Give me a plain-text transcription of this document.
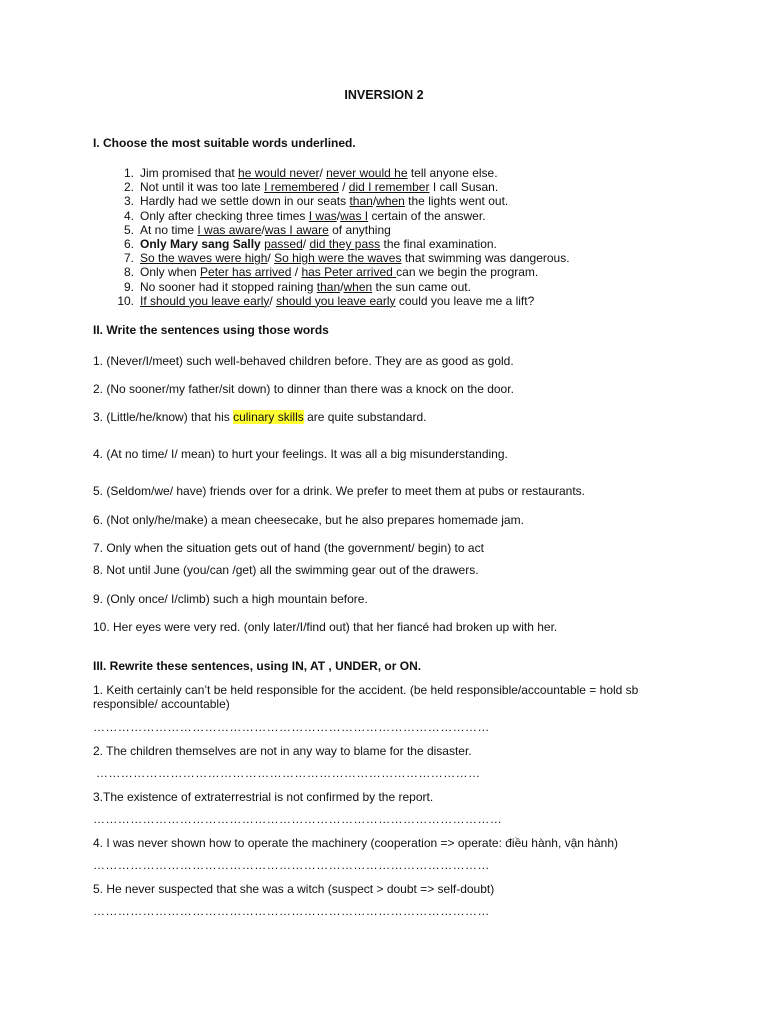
INVERSION 2

I. Choose the most suitable words underlined.

1. Jim promised that he would never/ never would he tell anyone else.
2. Not until it was too late I remembered / did I remember I call Susan.
3. Hardly had we settle down in our seats than/when the lights went out.
4. Only after checking three times I was/was I certain of the answer.
5. At no time I was aware/was I aware of anything
6. Only Mary sang Sally passed/ did they pass the final examination.
7. So the waves were high/ So high were the waves that swimming was dangerous.
8. Only when Peter has arrived / has Peter arrived can we begin the program.
9. No sooner had it stopped raining than/when the sun came out.
10. If should you leave early/ should you leave early could you leave me a lift?

II. Write the sentences using those words

1. (Never/I/meet) such well-behaved children before. They are as good as gold.

2. (No sooner/my father/sit down) to dinner than there was a knock on the door.

3. (Little/he/know) that his culinary skills are quite substandard.

4. (At no time/ I/ mean) to hurt your feelings. It was all a big misunderstanding.

5. (Seldom/we/ have) friends over for a drink. We prefer to meet them at pubs or restaurants.

6. (Not only/he/make) a mean cheesecake, but he also prepares homemade jam.

7. Only when the situation gets out of hand (the government/ begin) to act

8. Not until June (you/can /get) all the swimming gear out of the drawers.

9. (Only once/ I/climb) such a high mountain before.

10. Her eyes were very red. (only later/I/find out) that her fiancé had broken up with her.

III. Rewrite these sentences, using IN, AT , UNDER, or ON.

1. Keith certainly can’t be held responsible for the accident. (be held responsible/accountable = hold sb responsible/ accountable)

……………………………………………………………………………………

2. The children themselves are not in any way to blame for the disaster.

…………………………………………………………………………………

3.The existence of extraterrestrial is not confirmed by the report.

………………………………………………………………………………………

4. I was never shown how to operate the machinery (cooperation => operate: điều hành, vận hành)

……………………………………………………………………………………

5. He never suspected that she was a witch (suspect > doubt => self-doubt)

……………………………………………………………………………………
